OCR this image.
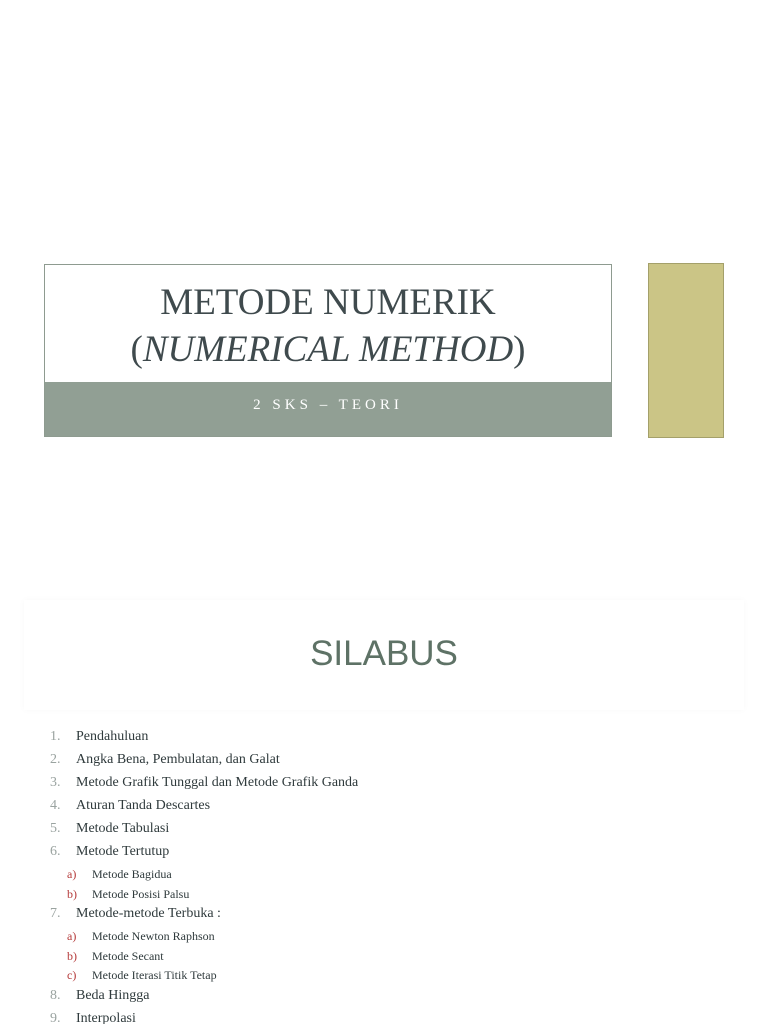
METODE NUMERIK
(NUMERICAL METHOD)
2 SKS – TEORI
SILABUS
1.	Pendahuluan
2.	Angka Bena, Pembulatan, dan Galat
3.	Metode Grafik Tunggal dan Metode Grafik Ganda
4.	Aturan Tanda Descartes
5.	Metode Tabulasi
6.	Metode Tertutup
a)	Metode Bagidua
b)	Metode Posisi Palsu
7.	Metode-metode Terbuka :
a)	Metode Newton Raphson
b)	Metode Secant
c)	Metode Iterasi Titik Tetap
8.	Beda Hingga
9.	Interpolasi
